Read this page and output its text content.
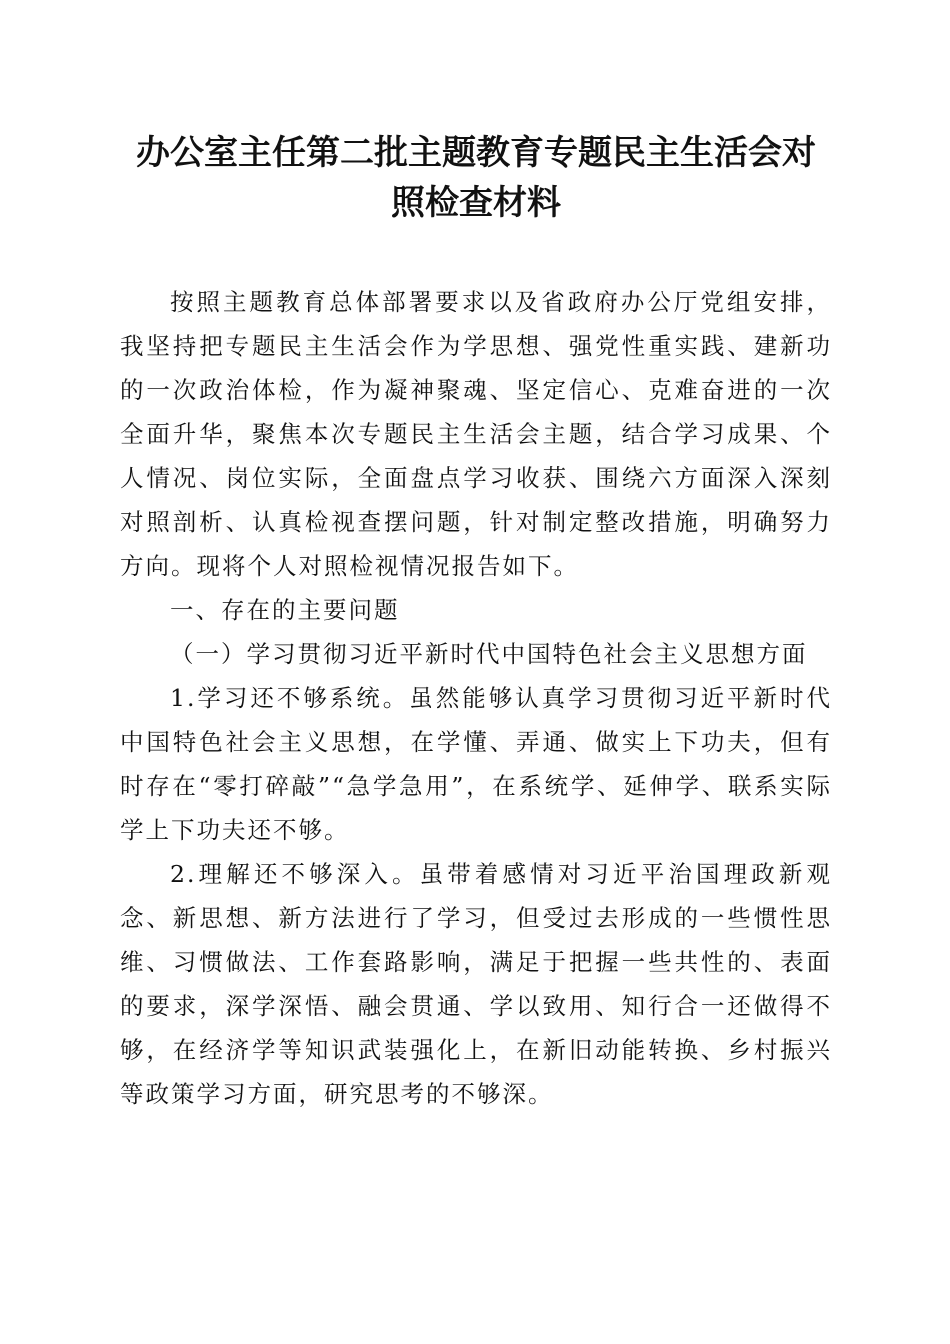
办公室主任第二批主题教育专题民主生活会对照检查材料

按照主题教育总体部署要求以及省政府办公厅党组安排，我坚持把专题民主生活会作为学思想、强党性重实践、建新功的一次政治体检，作为凝神聚魂、坚定信心、克难奋进的一次全面升华，聚焦本次专题民主生活会主题，结合学习成果、个人情况、岗位实际，全面盘点学习收获、围绕六方面深入深刻对照剖析、认真检视查摆问题，针对制定整改措施，明确努力方向。现将个人对照检视情况报告如下。

一、存在的主要问题

（一）学习贯彻习近平新时代中国特色社会主义思想方面

1.学习还不够系统。虽然能够认真学习贯彻习近平新时代中国特色社会主义思想，在学懂、弄通、做实上下功夫，但有时存在“零打碎敲”“急学急用”，在系统学、延伸学、联系实际学上下功夫还不够。

2.理解还不够深入。虽带着感情对习近平治国理政新观念、新思想、新方法进行了学习，但受过去形成的一些惯性思维、习惯做法、工作套路影响，满足于把握一些共性的、表面的要求，深学深悟、融会贯通、学以致用、知行合一还做得不够，在经济学等知识武装强化上，在新旧动能转换、乡村振兴等政策学习方面，研究思考的不够深。
